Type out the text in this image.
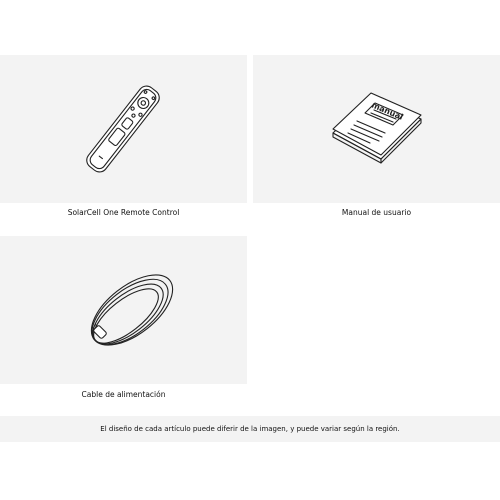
manual
SolarCell One Remote Control	Manual de usuario
Cable de alimentación
El diseño de cada artículo puede diferir de la imagen, y puede variar según la región.
